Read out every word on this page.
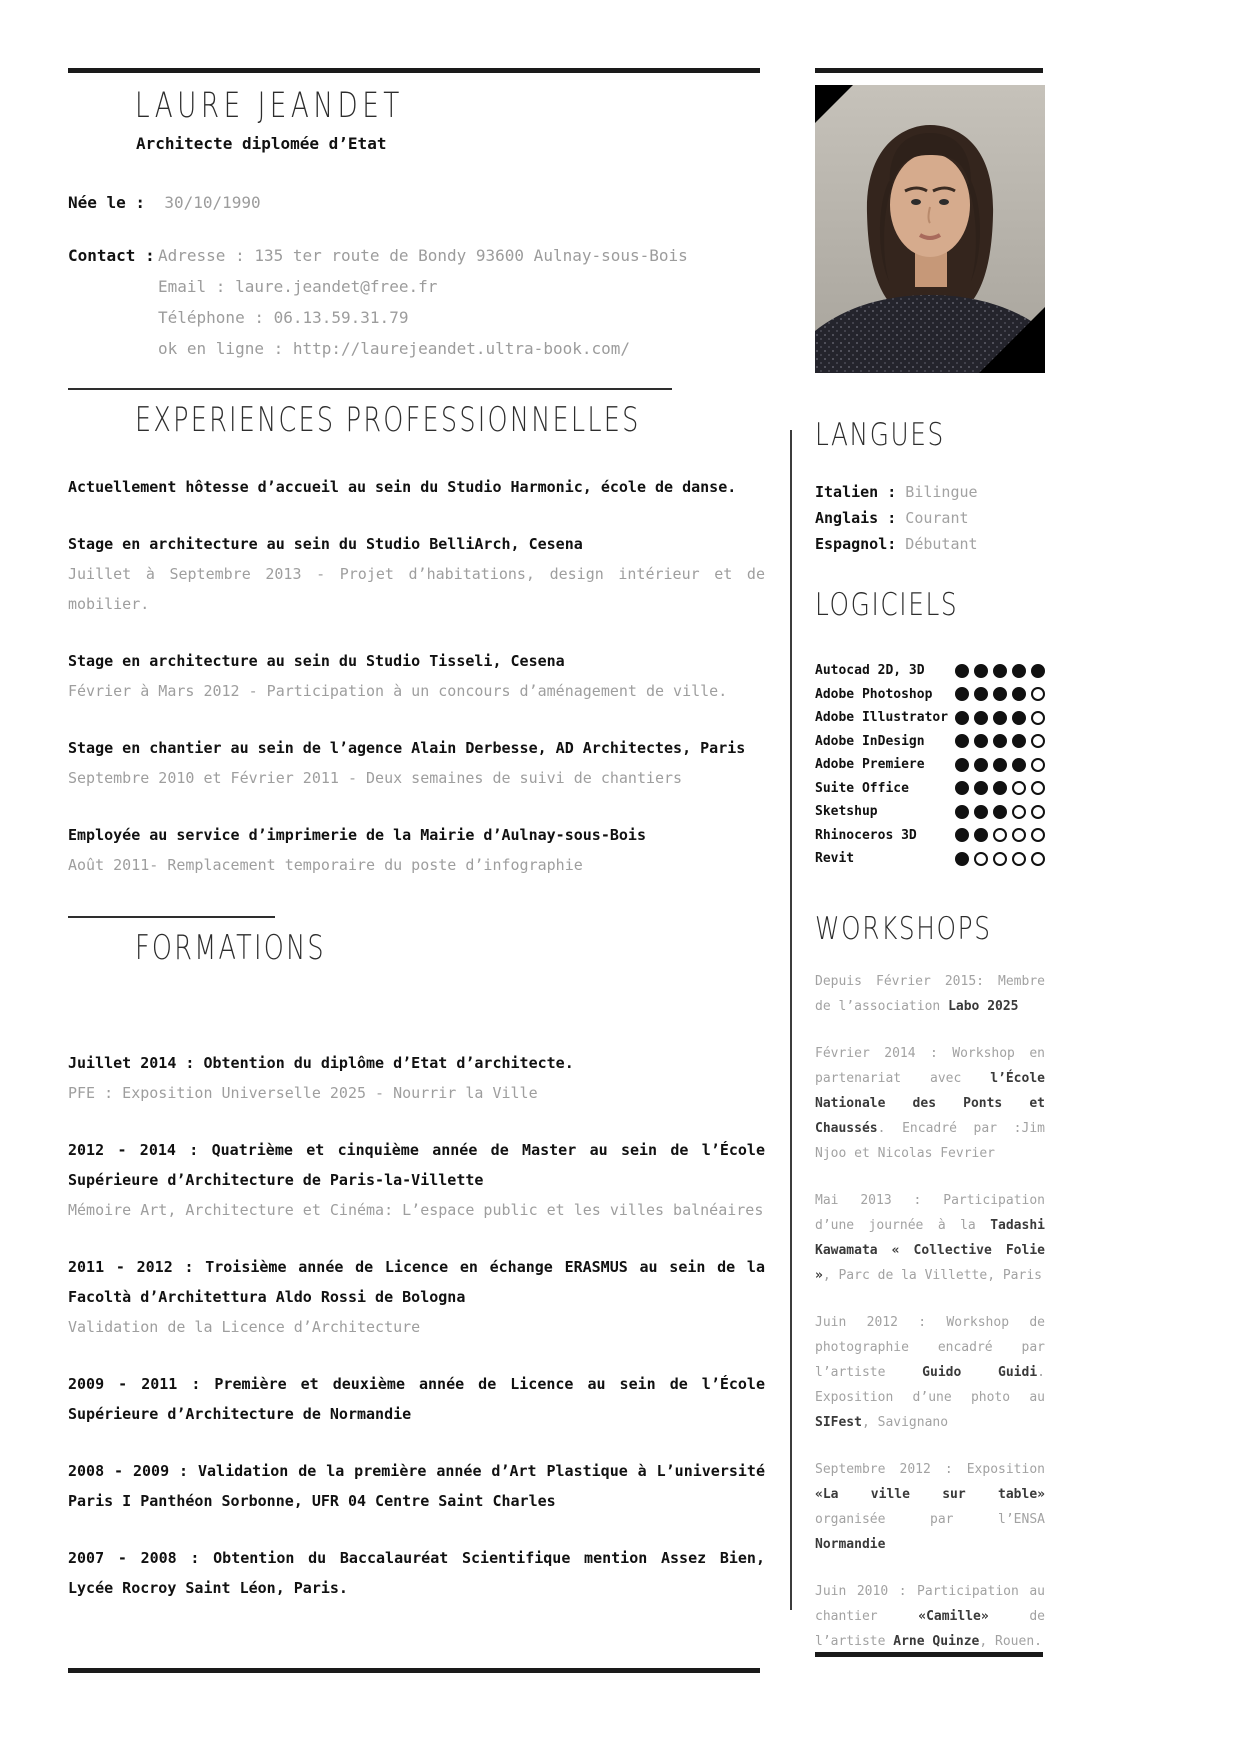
LAURE JEANDET
Architecte diplomée d’Etat
Née le : 30/10/1990
Contact : Adresse : 135 ter route de Bondy 93600 Aulnay-sous-Bois
Email : laure.jeandet@free.fr
Téléphone : 06.13.59.31.79
ok en ligne : http://laurejeandet.ultra-book.com/
EXPERIENCES PROFESSIONNELLES
Actuellement hôtesse d’accueil au sein du Studio Harmonic, école de danse.
Stage en architecture au sein du Studio BelliArch, Cesena
Juillet à Septembre 2013 - Projet d’habitations, design intérieur et de mobilier.
Stage en architecture au sein du Studio Tisseli, Cesena
Février à Mars 2012 - Participation à un concours d’aménagement de ville.
Stage en chantier au sein de l’agence Alain Derbesse, AD Architectes, Paris
Septembre 2010 et Février 2011 - Deux semaines de suivi de chantiers
Employée au service d’imprimerie de la Mairie d’Aulnay-sous-Bois
Août 2011- Remplacement temporaire du poste d’infographie
FORMATIONS
Juillet 2014 : Obtention du diplôme d’Etat d’architecte.
PFE : Exposition Universelle 2025 - Nourrir la Ville
2012 - 2014 : Quatrième et cinquième année de Master au sein de l’École Supérieure d’Architecture de Paris-la-Villette
Mémoire Art, Architecture et Cinéma: L’espace public et les villes balnéaires
2011 - 2012 : Troisième année de Licence en échange ERASMUS au sein de la Facoltà d’Architettura Aldo Rossi de Bologna
Validation de la Licence d’Architecture
2009 - 2011 : Première et deuxième année de Licence au sein de l’École Supérieure d’Architecture de Normandie
2008 - 2009 : Validation de la première année d’Art Plastique à L’université Paris I Panthéon Sorbonne, UFR 04 Centre Saint Charles
2007 - 2008 : Obtention du Baccalauréat Scientifique mention Assez Bien, Lycée Rocroy Saint Léon, Paris.
LANGUES
Italien : Bilingue
Anglais : Courant
Espagnol: Débutant
LOGICIELS
Autocad 2D, 3D
Adobe Photoshop
Adobe Illustrator
Adobe InDesign
Adobe Premiere
Suite Office
Sketshup
Rhinoceros 3D
Revit
WORKSHOPS

Depuis Février 2015: Membre de l’association Labo 2025

Février 2014 : Workshop en partenariat avec l’École Nationale des Ponts et Chaussés. Encadré par :Jim Njoo et Nicolas Fevrier

Mai 2013 : Participation d’une journée à la Tadashi Kawamata « Collective Folie », Parc de la Villette, Paris

Juin 2012 : Workshop de photographie encadré par l’artiste Guido Guidi. Exposition d’une photo au SIFest, Savignano

Septembre 2012 : Exposition «La ville sur table» organisée par l’ENSA Normandie

Juin 2010 : Participation au chantier «Camille» de l’artiste Arne Quinze, Rouen.
